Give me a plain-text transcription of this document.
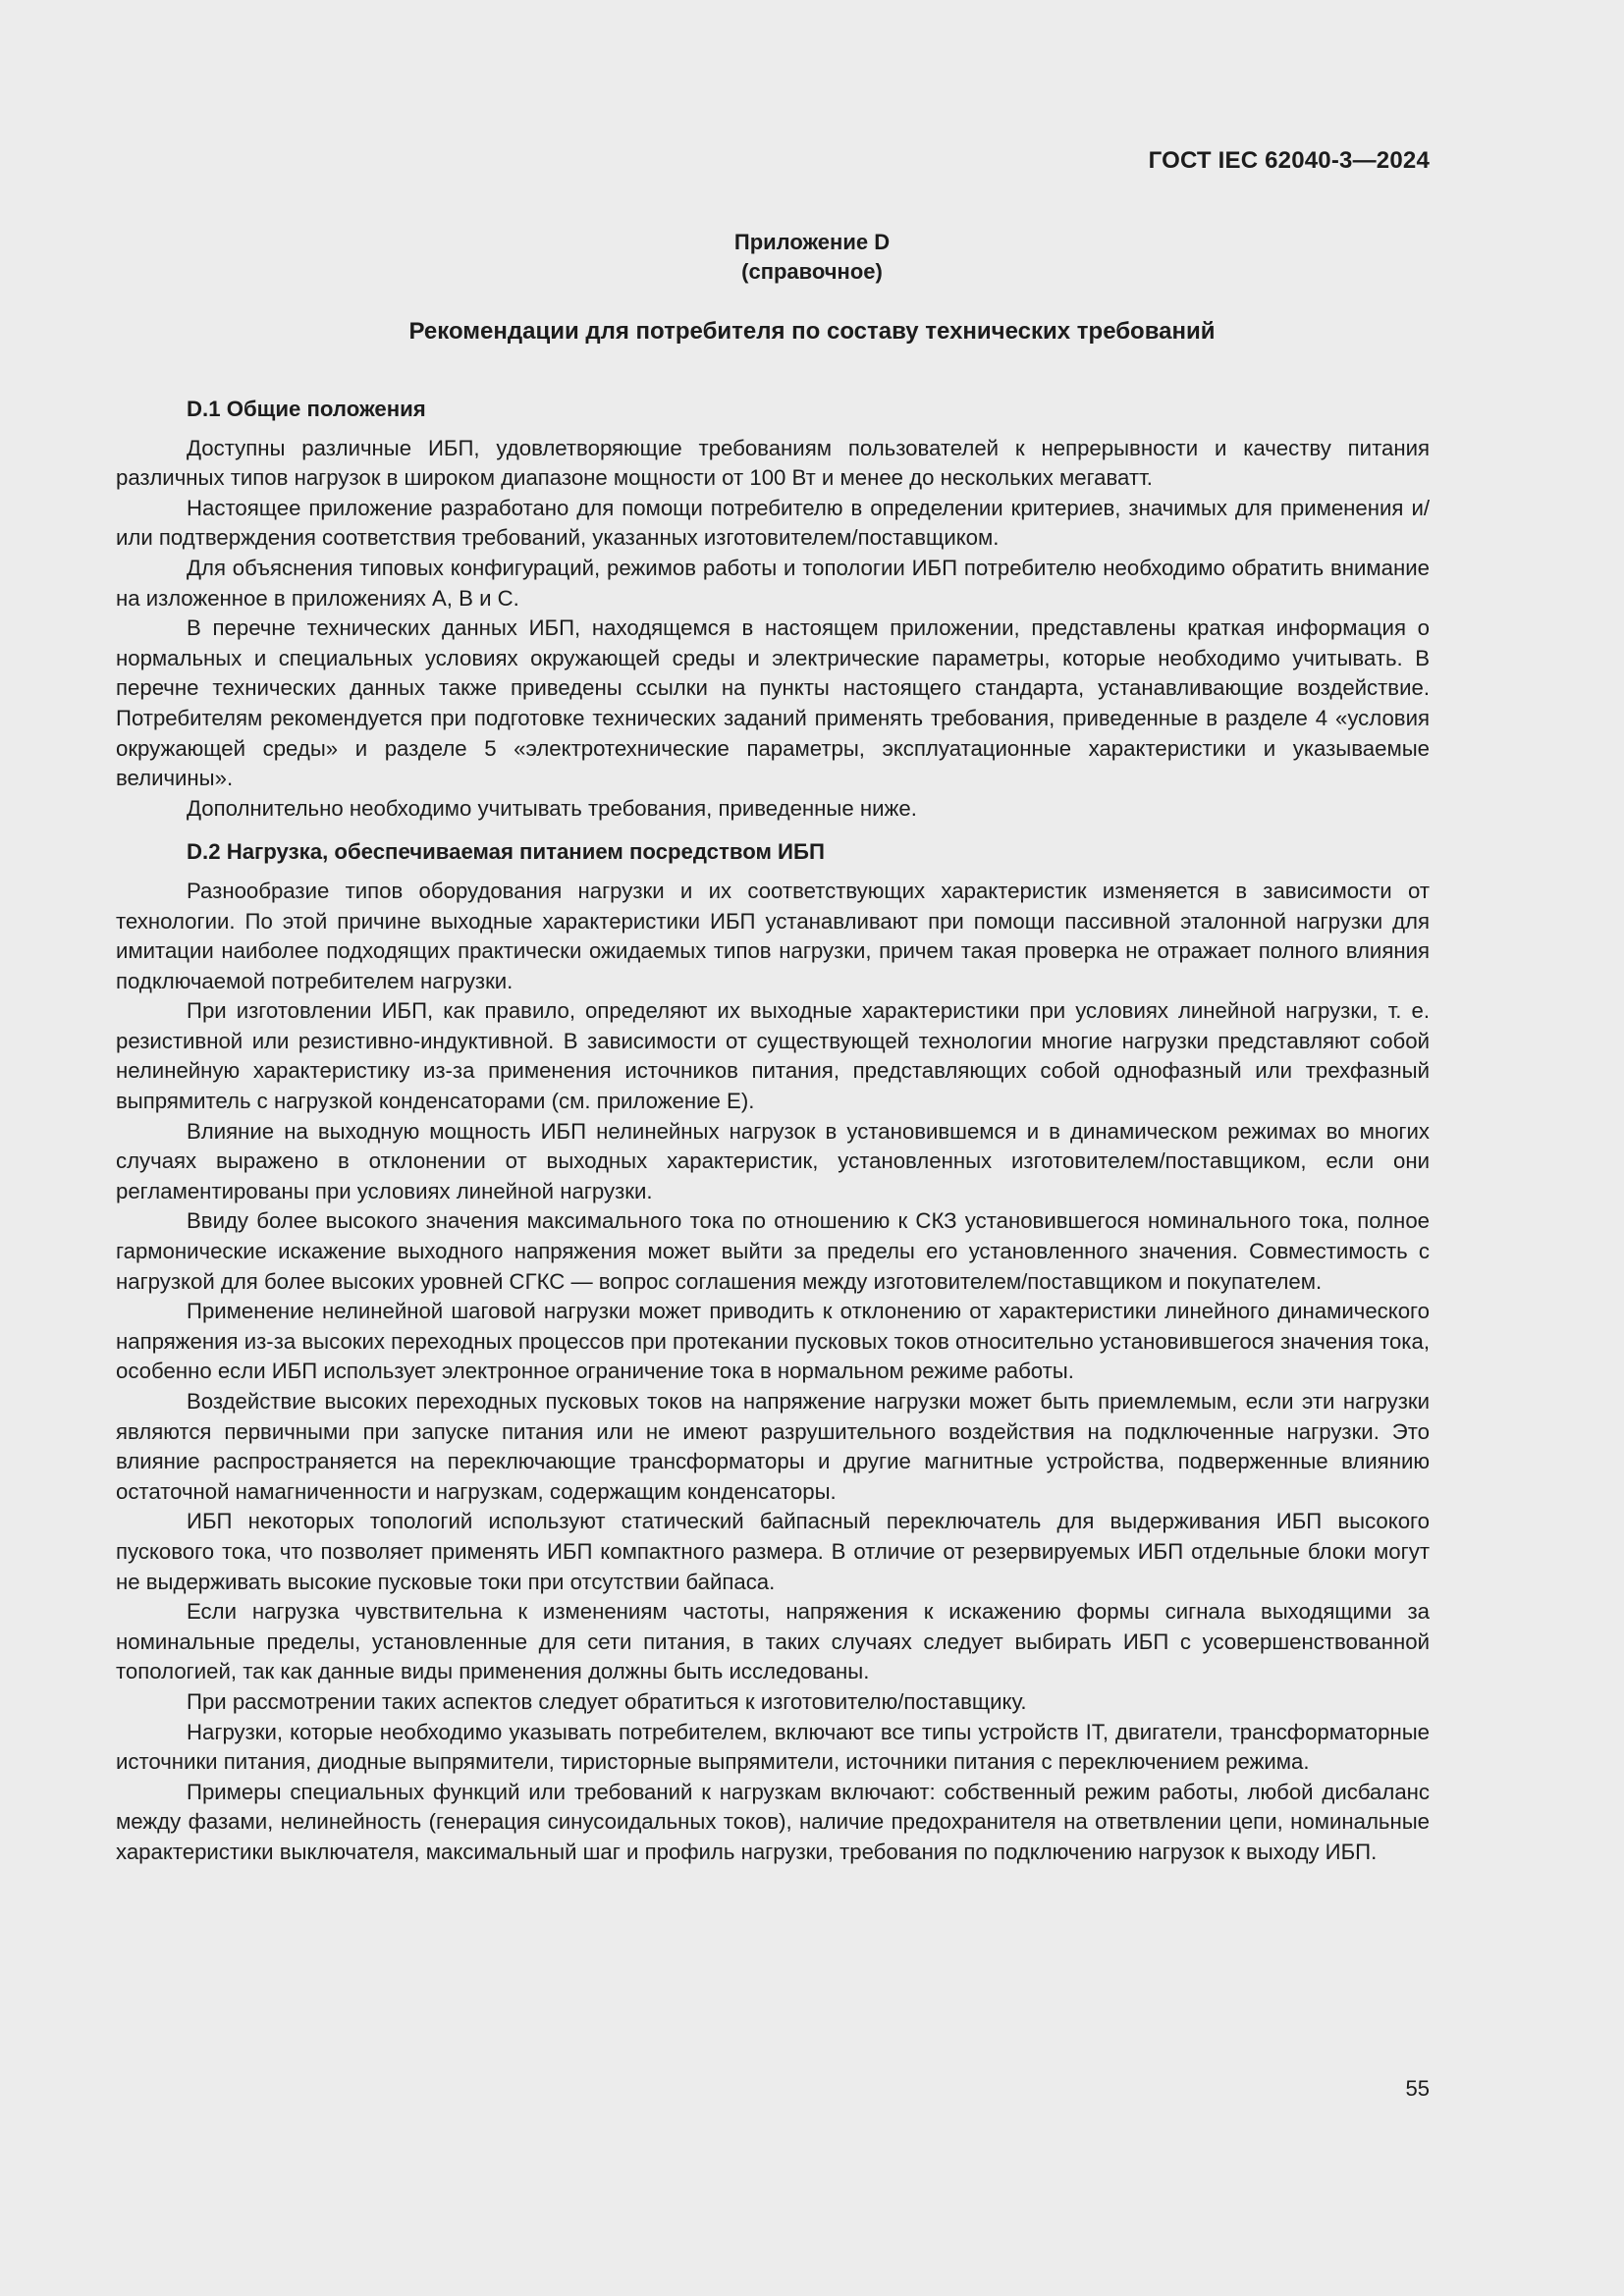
ГОСТ IEC 62040-3—2024
Приложение D
(справочное)
Рекомендации для потребителя по составу технических требований
D.1 Общие положения

Доступны различные ИБП, удовлетворяющие требованиям пользователей к непрерывности и качеству питания различных типов нагрузок в широком диапазоне мощности от 100 Вт и менее до нескольких мегаватт.

Настоящее приложение разработано для помощи потребителю в определении критериев, значимых для применения и/или подтверждения соответствия требований, указанных изготовителем/поставщиком.

Для объяснения типовых конфигураций, режимов работы и топологии ИБП потребителю необходимо обратить внимание на изложенное в приложениях А, В и С.

В перечне технических данных ИБП, находящемся в настоящем приложении, представлены краткая информация о нормальных и специальных условиях окружающей среды и электрические параметры, которые необходимо учитывать. В перечне технических данных также приведены ссылки на пункты настоящего стандарта, устанавливающие воздействие. Потребителям рекомендуется при подготовке технических заданий применять требования, приведенные в разделе 4 «условия окружающей среды» и разделе 5 «электротехнические параметры, эксплуатационные характеристики и указываемые величины».

Дополнительно необходимо учитывать требования, приведенные ниже.

D.2 Нагрузка, обеспечиваемая питанием посредством ИБП

Разнообразие типов оборудования нагрузки и их соответствующих характеристик изменяется в зависимости от технологии. По этой причине выходные характеристики ИБП устанавливают при помощи пассивной эталонной нагрузки для имитации наиболее подходящих практически ожидаемых типов нагрузки, причем такая проверка не отражает полного влияния подключаемой потребителем нагрузки.

При изготовлении ИБП, как правило, определяют их выходные характеристики при условиях линейной нагрузки, т. е. резистивной или резистивно-индуктивной. В зависимости от существующей технологии многие нагрузки представляют собой нелинейную характеристику из-за применения источников питания, представляющих собой однофазный или трехфазный выпрямитель с нагрузкой конденсаторами (см. приложение Е).

Влияние на выходную мощность ИБП нелинейных нагрузок в установившемся и в динамическом режимах во многих случаях выражено в отклонении от выходных характеристик, установленных изготовителем/поставщиком, если они регламентированы при условиях линейной нагрузки.

Ввиду более высокого значения максимального тока по отношению к СКЗ установившегося номинального тока, полное гармонические искажение выходного напряжения может выйти за пределы его установленного значения. Совместимость с нагрузкой для более высоких уровней СГКС — вопрос соглашения между изготовителем/поставщиком и покупателем.

Применение нелинейной шаговой нагрузки может приводить к отклонению от характеристики линейного динамического напряжения из-за высоких переходных процессов при протекании пусковых токов относительно установившегося значения тока, особенно если ИБП использует электронное ограничение тока в нормальном режиме работы.

Воздействие высоких переходных пусковых токов на напряжение нагрузки может быть приемлемым, если эти нагрузки являются первичными при запуске питания или не имеют разрушительного воздействия на подключенные нагрузки. Это влияние распространяется на переключающие трансформаторы и другие магнитные устройства, подверженные влиянию остаточной намагниченности и нагрузкам, содержащим конденсаторы.

ИБП некоторых топологий используют статический байпасный переключатель для выдерживания ИБП высокого пускового тока, что позволяет применять ИБП компактного размера. В отличие от резервируемых ИБП отдельные блоки могут не выдерживать высокие пусковые токи при отсутствии байпаса.

Если нагрузка чувствительна к изменениям частоты, напряжения к искажению формы сигнала выходящими за номинальные пределы, установленные для сети питания, в таких случаях следует выбирать ИБП с усовершенствованной топологией, так как данные виды применения должны быть исследованы.

При рассмотрении таких аспектов следует обратиться к изготовителю/поставщику.

Нагрузки, которые необходимо указывать потребителем, включают все типы устройств IT, двигатели, трансформаторные источники питания, диодные выпрямители, тиристорные выпрямители, источники питания с переключением режима.

Примеры специальных функций или требований к нагрузкам включают: собственный режим работы, любой дисбаланс между фазами, нелинейность (генерация синусоидальных токов), наличие предохранителя на ответвлении цепи, номинальные характеристики выключателя, максимальный шаг и профиль нагрузки, требования по подключению нагрузок к выходу ИБП.

55
